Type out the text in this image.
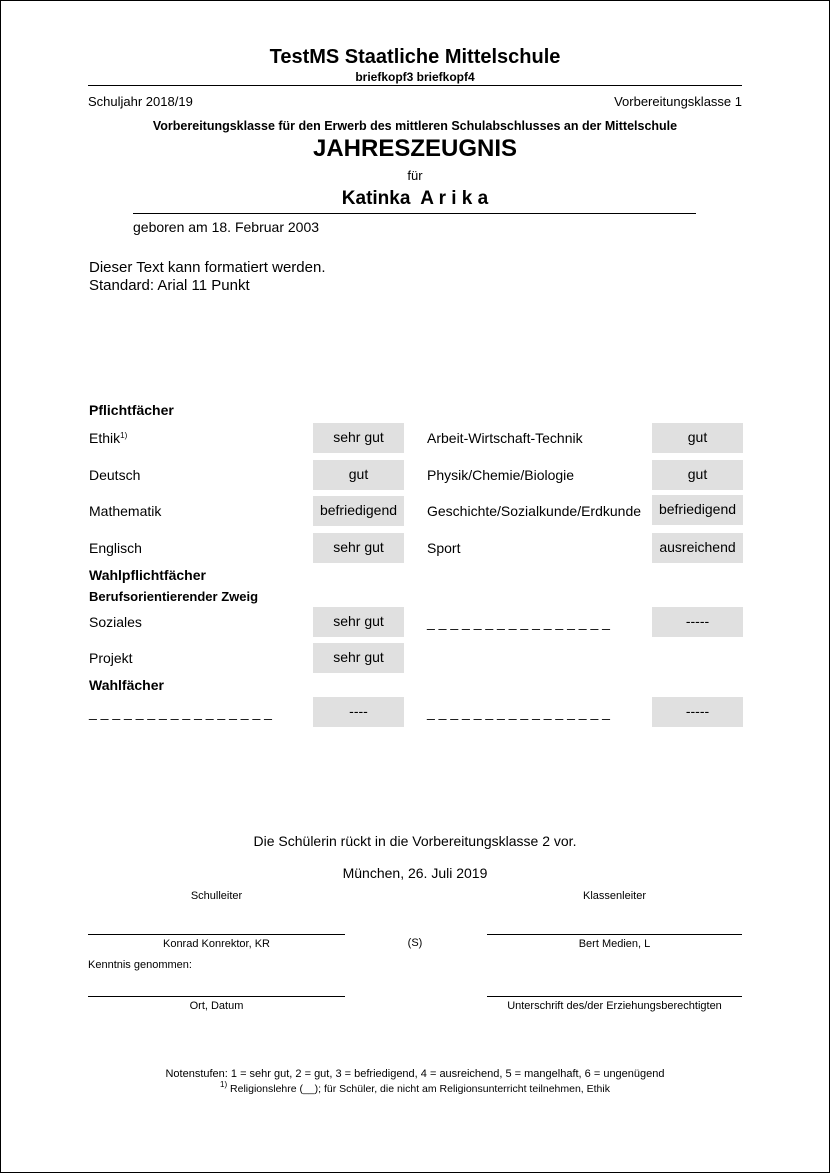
TestMS Staatliche Mittelschule
briefkopf3 briefkopf4
Schuljahr 2018/19	Vorbereitungsklasse 1
Vorbereitungsklasse für den Erwerb des mittleren Schulabschlusses an der Mittelschule
JAHRESZEUGNIS
für
Katinka  A r i k a
geboren am 18. Februar 2003
Dieser Text kann formatiert werden.
Standard: Arial 11 Punkt
Pflichtfächer
Ethik$^{1)}$	sehr gut	Arbeit-Wirtschaft-Technik	gut
Deutsch	gut	Physik/Chemie/Biologie	gut
Mathematik	befriedigend	Geschichte/Sozialkunde/Erdkunde	befriedigend
Englisch	sehr gut	Sport	ausreichend
Wahlpflichtfächer
Berufsorientierender Zweig
Soziales	sehr gut	_ _ _ _ _ _ _ _ _ _ _ _ _ _ _ _	-----
Projekt	sehr gut
Wahlfächer
_ _ _ _ _ _ _ _ _ _ _ _ _ _ _ _	----	_ _ _ _ _ _ _ _ _ _ _ _ _ _ _ _	-----
Die Schülerin rückt in die Vorbereitungsklasse 2 vor.
München, 26. Juli 2019
Schulleiter	Klassenleiter
Konrad Konrektor, KR	(S)	Bert Medien, L
Kenntnis genommen:
Ort, Datum	Unterschrift des/der Erziehungsberechtigten
Notenstufen: 1 = sehr gut, 2 = gut, 3 = befriedigend, 4 = ausreichend, 5 = mangelhaft, 6 = ungenügend
$^{1)}$ Religionslehre (__); für Schüler, die nicht am Religionsunterricht teilnehmen, Ethik
